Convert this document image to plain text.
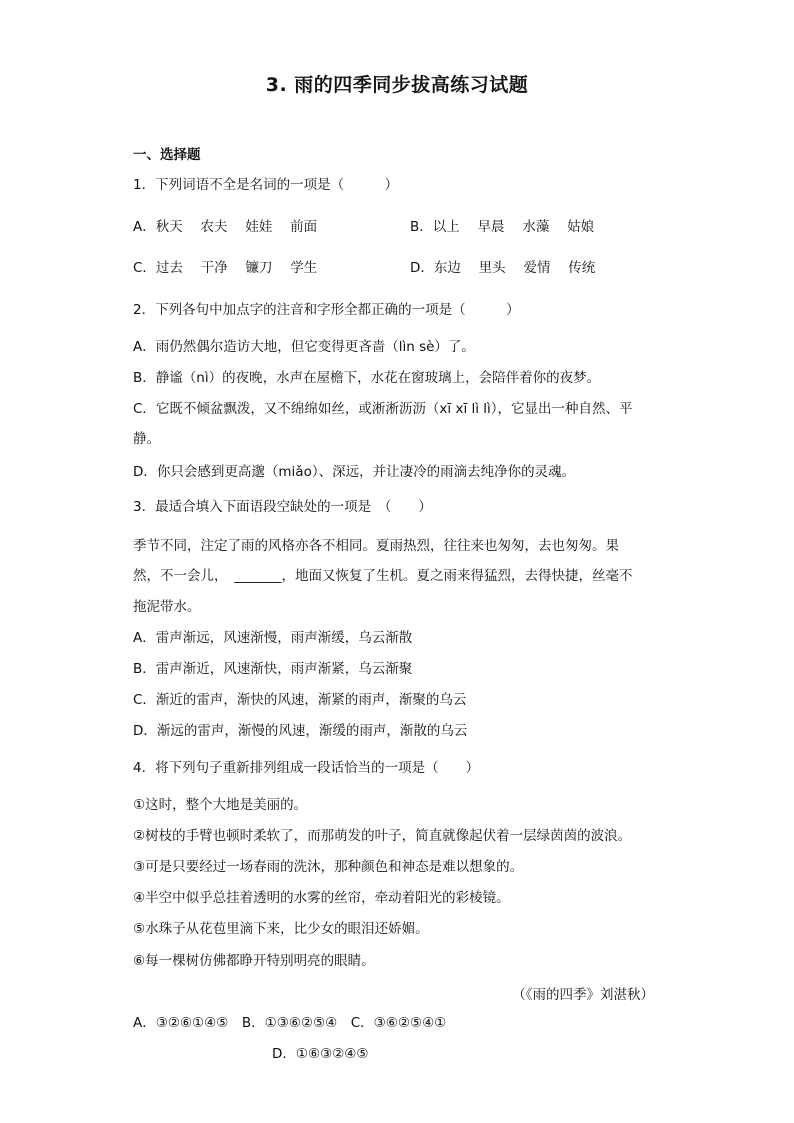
3. 雨的四季同步拔高练习试题
一、选择题
1．下列词语不全是名词的一项是（　　　）
A．秋天　 农夫　 娃娃　 前面	B．以上　 早晨　 水藻　 姑娘
C．过去　 干净　 镰刀　 学生	D．东边　 里头　 爱情　 传统
2．下列各句中加点字的注音和字形全都正确的一项是（　　　）
A．雨仍然偶尔造访大地，但它变得更吝啬（lìn sè）了。
B．静谧（nì）的夜晚，水声在屋檐下，水花在窗玻璃上，会陪伴着你的夜梦。
C．它既不倾盆飘泼，又不绵绵如丝，或淅淅沥沥（xī xī lì lì），它显出一种自然、平
静。
D．你只会感到更高邈（miǎo）、深远，并让凄冷的雨滴去纯净你的灵魂。
3．最适合填入下面语段空缺处的一项是　（　　）
季节不同，注定了雨的风格亦各不相同。夏雨热烈，往往来也匆匆，去也匆匆。果
然，不一会儿，　_______，地面又恢复了生机。夏之雨来得猛烈，去得快捷，丝毫不
拖泥带水。
A．雷声渐远，风速渐慢，雨声渐缓，乌云渐散
B．雷声渐近，风速渐快，雨声渐紧，乌云渐聚
C．渐近的雷声，渐快的风速，渐紧的雨声，渐聚的乌云
D．渐远的雷声，渐慢的风速，渐缓的雨声，渐散的乌云
4．将下列句子重新排列组成一段话恰当的一项是（　　）
①这时，整个大地是美丽的。
②树枝的手臂也顿时柔软了，而那萌发的叶子，简直就像起伏着一层绿茵茵的波浪。
③可是只要经过一场春雨的洗沐，那种颜色和神态是难以想象的。
④半空中似乎总挂着透明的水雾的丝帘，牵动着阳光的彩棱镜。
⑤水珠子从花苞里滴下来，比少女的眼泪还娇媚。
⑥每一棵树仿佛都睁开特别明亮的眼睛。
（《雨的四季》刘湛秋）
A．③②⑥①④⑤　B．①③⑥②⑤④　C．③⑥②⑤④①
D．①⑥③②④⑤
